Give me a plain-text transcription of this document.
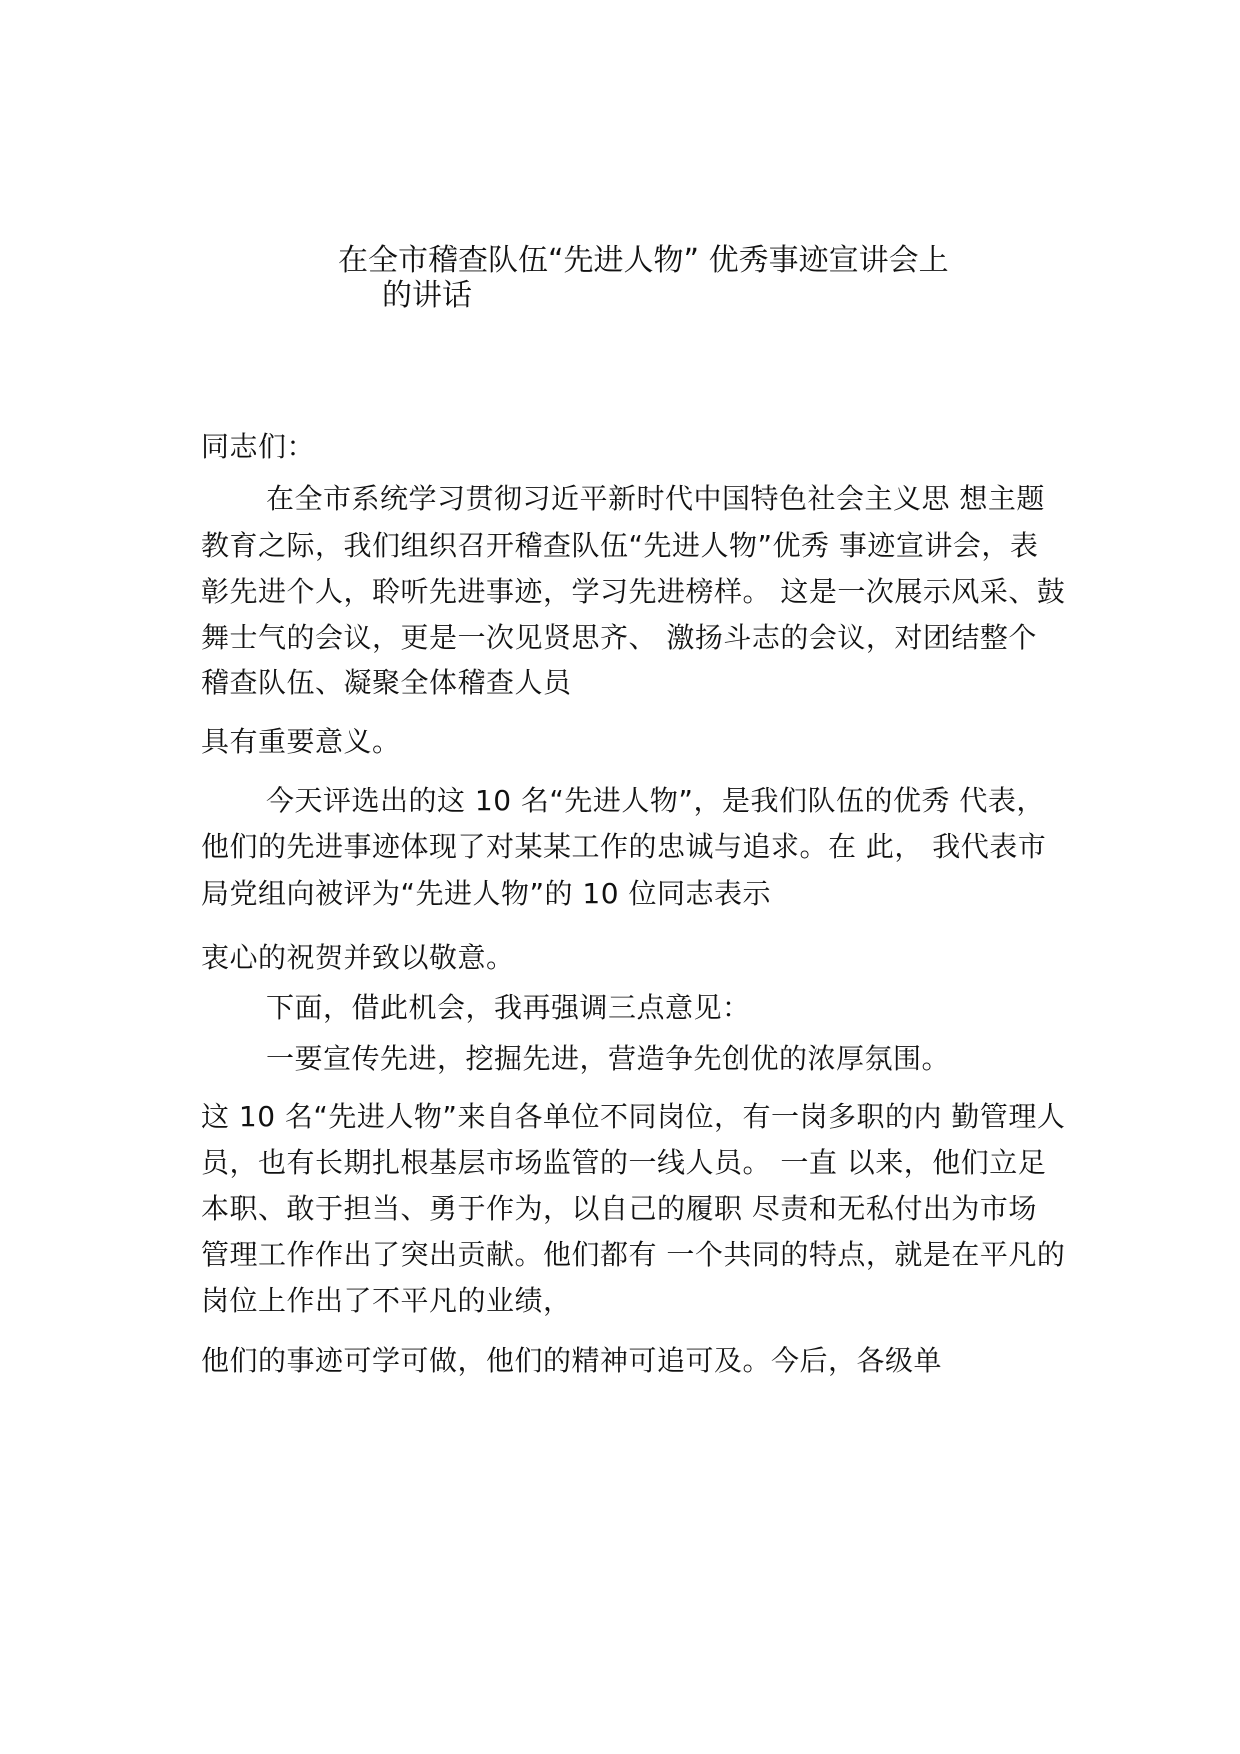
在全市稽查队伍“先进人物” 优秀事迹宣讲会上
的讲话
同志们：
在全市系统学习贯彻习近平新时代中国特色社会主义思 想主题
教育之际，我们组织召开稽查队伍“先进人物”优秀 事迹宣讲会，表
彰先进个人，聆听先进事迹，学习先进榜样。 这是一次展示风采、鼓
舞士气的会议，更是一次见贤思齐、 激扬斗志的会议，对团结整个
稽查队伍、凝聚全体稽查人员
具有重要意义。
今天评选出的这 10 名“先进人物”，是我们队伍的优秀 代表，
他们的先进事迹体现了对某某工作的忠诚与追求。在 此， 我代表市
局党组向被评为“先进人物”的 10 位同志表示
衷心的祝贺并致以敬意。
下面，借此机会，我再强调三点意见：
一要宣传先进，挖掘先进，营造争先创优的浓厚氛围。
这 10 名“先进人物”来自各单位不同岗位，有一岗多职的内 勤管理人
员，也有长期扎根基层市场监管的一线人员。 一直 以来，他们立足
本职、敢于担当、勇于作为，以自己的履职 尽责和无私付出为市场
管理工作作出了突出贡献。他们都有 一个共同的特点，就是在平凡的
岗位上作出了不平凡的业绩，
他们的事迹可学可做，他们的精神可追可及。今后，各级单
